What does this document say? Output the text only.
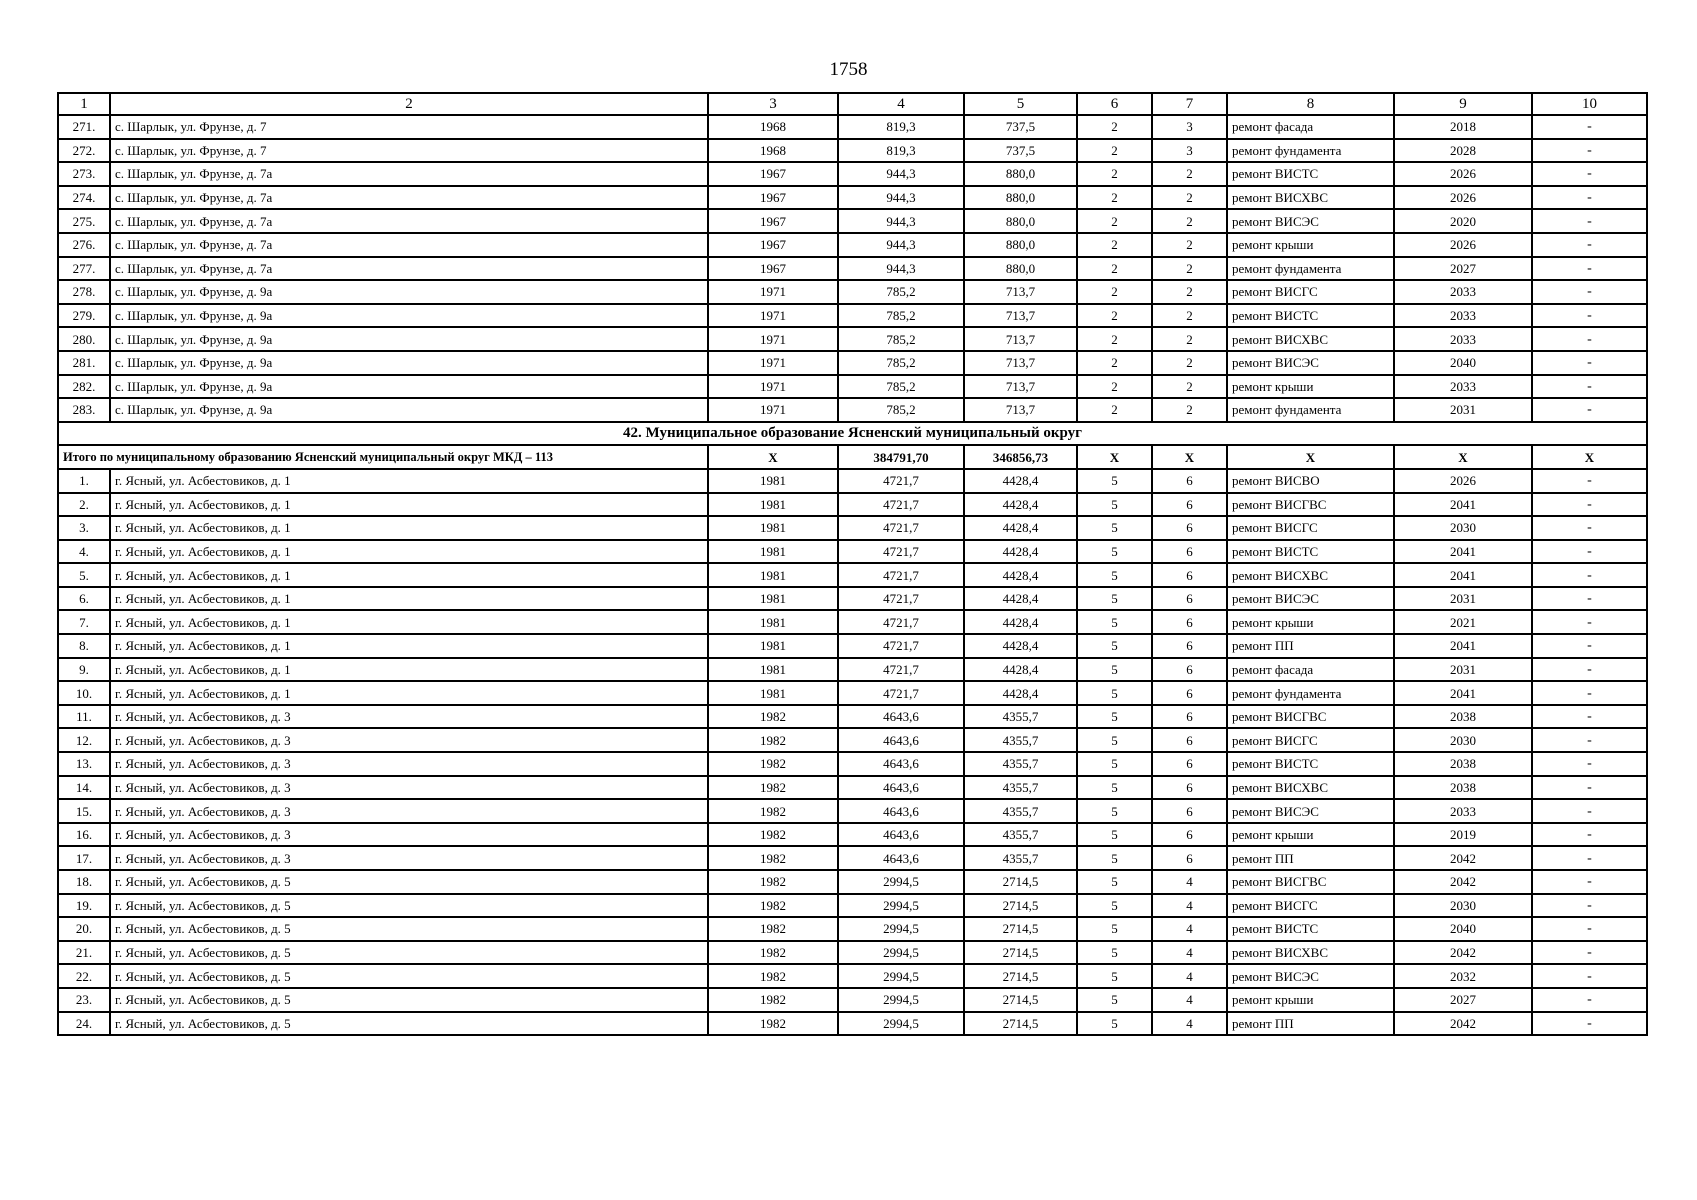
1758
1	2	3	4	5	6	7	8	9	10
271.	с. Шарлык, ул. Фрунзе, д. 7	1968	819,3	737,5	2	3	ремонт фасада	2018	-
272.	с. Шарлык, ул. Фрунзе, д. 7	1968	819,3	737,5	2	3	ремонт фундамента	2028	-
273.	с. Шарлык, ул. Фрунзе, д. 7а	1967	944,3	880,0	2	2	ремонт ВИСТС	2026	-
274.	с. Шарлык, ул. Фрунзе, д. 7а	1967	944,3	880,0	2	2	ремонт ВИСХВС	2026	-
275.	с. Шарлык, ул. Фрунзе, д. 7а	1967	944,3	880,0	2	2	ремонт ВИСЭС	2020	-
276.	с. Шарлык, ул. Фрунзе, д. 7а	1967	944,3	880,0	2	2	ремонт крыши	2026	-
277.	с. Шарлык, ул. Фрунзе, д. 7а	1967	944,3	880,0	2	2	ремонт фундамента	2027	-
278.	с. Шарлык, ул. Фрунзе, д. 9а	1971	785,2	713,7	2	2	ремонт ВИСГС	2033	-
279.	с. Шарлык, ул. Фрунзе, д. 9а	1971	785,2	713,7	2	2	ремонт ВИСТС	2033	-
280.	с. Шарлык, ул. Фрунзе, д. 9а	1971	785,2	713,7	2	2	ремонт ВИСХВС	2033	-
281.	с. Шарлык, ул. Фрунзе, д. 9а	1971	785,2	713,7	2	2	ремонт ВИСЭС	2040	-
282.	с. Шарлык, ул. Фрунзе, д. 9а	1971	785,2	713,7	2	2	ремонт крыши	2033	-
283.	с. Шарлык, ул. Фрунзе, д. 9а	1971	785,2	713,7	2	2	ремонт фундамента	2031	-
42. Муниципальное образование Ясненский муниципальный округ									
Итого по муниципальному образованию Ясненский муниципальный округ МКД – 113		Х	384791,70	346856,73	Х	Х	Х	Х	Х
1.	г. Ясный, ул. Асбестовиков, д. 1	1981	4721,7	4428,4	5	6	ремонт ВИСВО	2026	-
2.	г. Ясный, ул. Асбестовиков, д. 1	1981	4721,7	4428,4	5	6	ремонт ВИСГВС	2041	-
3.	г. Ясный, ул. Асбестовиков, д. 1	1981	4721,7	4428,4	5	6	ремонт ВИСГС	2030	-
4.	г. Ясный, ул. Асбестовиков, д. 1	1981	4721,7	4428,4	5	6	ремонт ВИСТС	2041	-
5.	г. Ясный, ул. Асбестовиков, д. 1	1981	4721,7	4428,4	5	6	ремонт ВИСХВС	2041	-
6.	г. Ясный, ул. Асбестовиков, д. 1	1981	4721,7	4428,4	5	6	ремонт ВИСЭС	2031	-
7.	г. Ясный, ул. Асбестовиков, д. 1	1981	4721,7	4428,4	5	6	ремонт крыши	2021	-
8.	г. Ясный, ул. Асбестовиков, д. 1	1981	4721,7	4428,4	5	6	ремонт ПП	2041	-
9.	г. Ясный, ул. Асбестовиков, д. 1	1981	4721,7	4428,4	5	6	ремонт фасада	2031	-
10.	г. Ясный, ул. Асбестовиков, д. 1	1981	4721,7	4428,4	5	6	ремонт фундамента	2041	-
11.	г. Ясный, ул. Асбестовиков, д. 3	1982	4643,6	4355,7	5	6	ремонт ВИСГВС	2038	-
12.	г. Ясный, ул. Асбестовиков, д. 3	1982	4643,6	4355,7	5	6	ремонт ВИСГС	2030	-
13.	г. Ясный, ул. Асбестовиков, д. 3	1982	4643,6	4355,7	5	6	ремонт ВИСТС	2038	-
14.	г. Ясный, ул. Асбестовиков, д. 3	1982	4643,6	4355,7	5	6	ремонт ВИСХВС	2038	-
15.	г. Ясный, ул. Асбестовиков, д. 3	1982	4643,6	4355,7	5	6	ремонт ВИСЭС	2033	-
16.	г. Ясный, ул. Асбестовиков, д. 3	1982	4643,6	4355,7	5	6	ремонт крыши	2019	-
17.	г. Ясный, ул. Асбестовиков, д. 3	1982	4643,6	4355,7	5	6	ремонт ПП	2042	-
18.	г. Ясный, ул. Асбестовиков, д. 5	1982	2994,5	2714,5	5	4	ремонт ВИСГВС	2042	-
19.	г. Ясный, ул. Асбестовиков, д. 5	1982	2994,5	2714,5	5	4	ремонт ВИСГС	2030	-
20.	г. Ясный, ул. Асбестовиков, д. 5	1982	2994,5	2714,5	5	4	ремонт ВИСТС	2040	-
21.	г. Ясный, ул. Асбестовиков, д. 5	1982	2994,5	2714,5	5	4	ремонт ВИСХВС	2042	-
22.	г. Ясный, ул. Асбестовиков, д. 5	1982	2994,5	2714,5	5	4	ремонт ВИСЭС	2032	-
23.	г. Ясный, ул. Асбестовиков, д. 5	1982	2994,5	2714,5	5	4	ремонт крыши	2027	-
24.	г. Ясный, ул. Асбестовиков, д. 5	1982	2994,5	2714,5	5	4	ремонт ПП	2042	-
